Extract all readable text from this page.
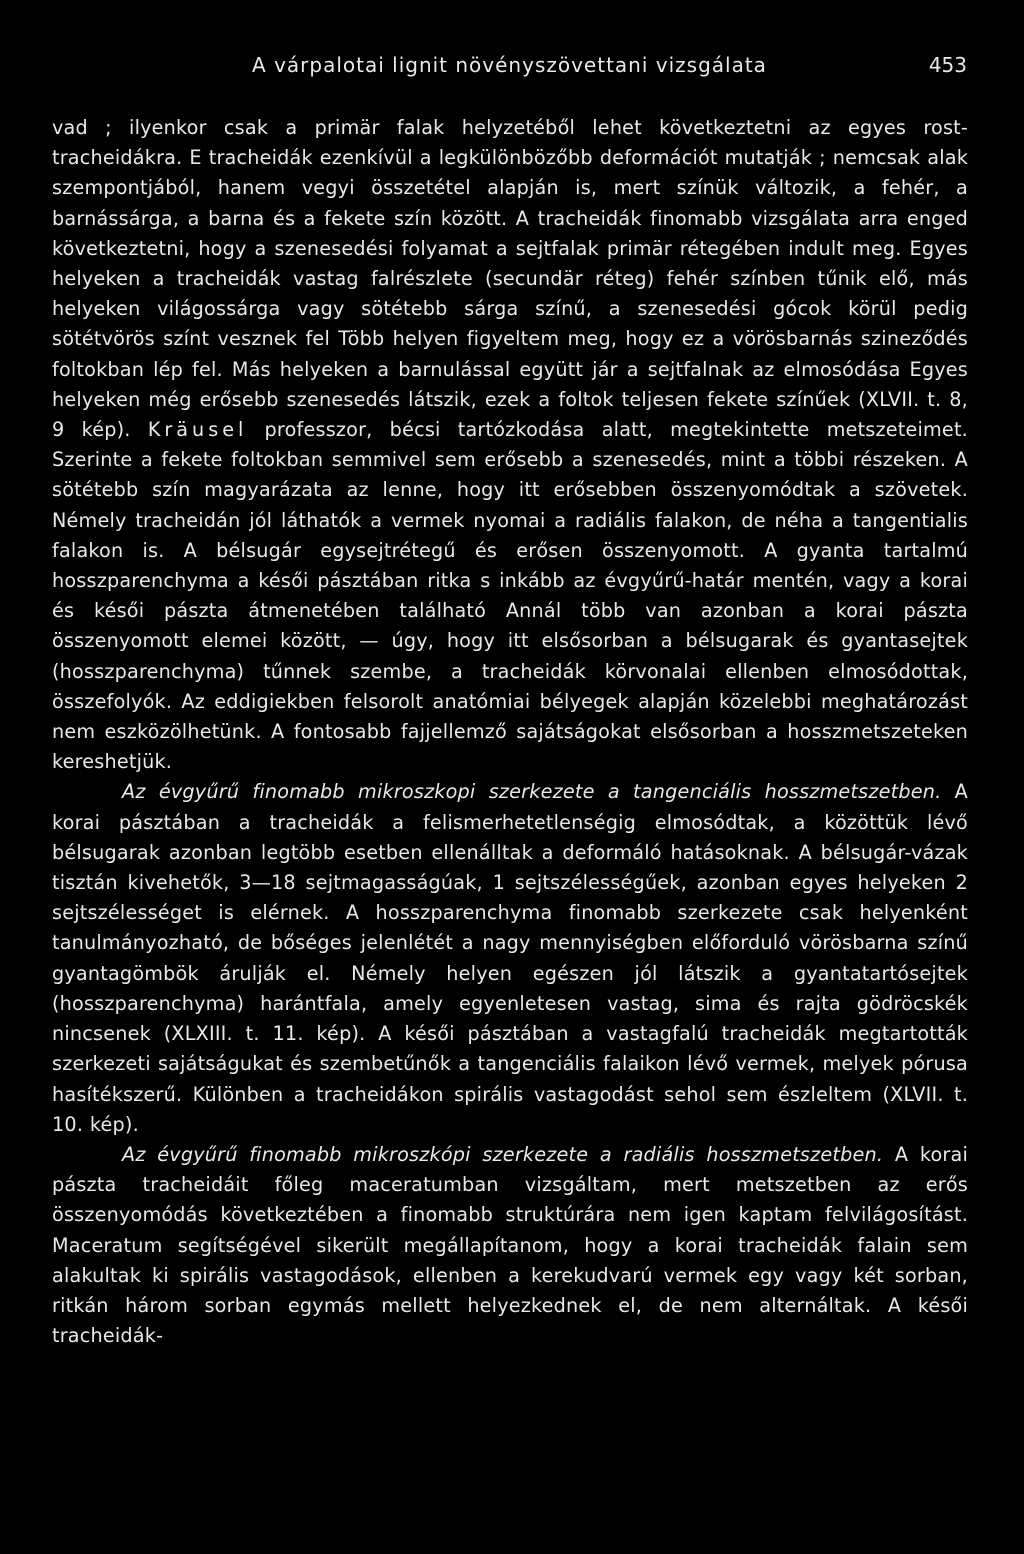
A várpalotai lignit növényszövettani vizsgálata	453

vad ; ilyenkor csak a primär falak helyzetéből lehet következtetni az egyes rost-tracheidákra. E tracheidák ezenkívül a legkülönbözőbb deformációt mutatják ; nemcsak alak szempontjából, hanem vegyi összetétel alapján is, mert színük változik, a fehér, a barnássárga, a barna és a fekete szín között. A tracheidák finomabb vizsgálata arra enged következtetni, hogy a szenesedési folyamat a sejtfalak primär rétegében indult meg. Egyes helyeken a tracheidák vastag falrészlete (secundär réteg) fehér színben tűnik elő, más helyeken világossárga vagy sötétebb sárga színű, a szenesedési gócok körül pedig sötétvörös színt vesznek fel Több helyen figyeltem meg, hogy ez a vörösbarnás szineződés foltokban lép fel. Más helyeken a barnulással együtt jár a sejtfalnak az elmosódása Egyes helyeken még erősebb szenesedés látszik, ezek a foltok teljesen fekete színűek (XLVII. t. 8, 9 kép). Kräusel professzor, bécsi tartózkodása alatt, megtekintette metszeteimet. Szerinte a fekete foltokban semmivel sem erősebb a szenesedés, mint a többi részeken. A sötétebb szín magyarázata az lenne, hogy itt erősebben összenyomódtak a szövetek. Némely tracheidán jól láthatók a vermek nyomai a radiális falakon, de néha a tangentialis falakon is. A bélsugár egysejtrétegű és erősen összenyomott. A gyanta tartalmú hosszparenchyma a késői pásztában ritka s inkább az évgyűrű-határ mentén, vagy a korai és késői pászta átmenetében található Annál több van azonban a korai pászta összenyomott elemei között, — úgy, hogy itt elsősorban a bélsugarak és gyantasejtek (hosszparenchyma) tűnnek szembe, a tracheidák körvonalai ellenben elmosódottak, összefolyók. Az eddigiekben felsorolt anatómiai bélyegek alapján közelebbi meghatározást nem eszközölhetünk. A fontosabb fajjellemző sajátságokat elsősorban a hosszmetszeteken kereshetjük.

Az évgyűrű finomabb mikroszkopi szerkezete a tangenciális hosszmetszetben. A korai pásztában a tracheidák a felismerhetetlenségig elmosódtak, a közöttük lévő bélsugarak azonban legtöbb esetben ellenálltak a deformáló hatásoknak. A bélsugár-vázak tisztán kivehetők, 3—18 sejtmagasságúak, 1 sejtszélességűek, azonban egyes helyeken 2 sejtszélességet is elérnek. A hosszparenchyma finomabb szerkezete csak helyenként tanulmányozható, de bőséges jelenlétét a nagy mennyiségben előforduló vörösbarna színű gyantagömbök árulják el. Némely helyen egészen jól látszik a gyantatartósejtek (hosszparenchyma) harántfala, amely egyenletesen vastag, sima és rajta gödröcskék nincsenek (XLXIII. t. 11. kép). A késői pásztában a vastagfalú tracheidák megtartották szerkezeti sajátságukat és szembetűnők a tangenciális falaikon lévő vermek, melyek pórusa hasítékszerű. Különben a tracheidákon spirális vastagodást sehol sem észleltem (XLVII. t. 10. kép).

Az évgyűrű finomabb mikroszkópi szerkezete a radiális hosszmetszetben. A korai pászta tracheidáit főleg maceratumban vizsgáltam, mert metszetben az erős összenyomódás következtében a finomabb struktúrára nem igen kaptam felvilágosítást. Maceratum segítségével sikerült megállapítanom, hogy a korai tracheidák falain sem alakultak ki spirális vastagodások, ellenben a kerekudvarú vermek egy vagy két sorban, ritkán három sorban egymás mellett helyezkednek el, de nem alternáltak. A késői tracheidák-
